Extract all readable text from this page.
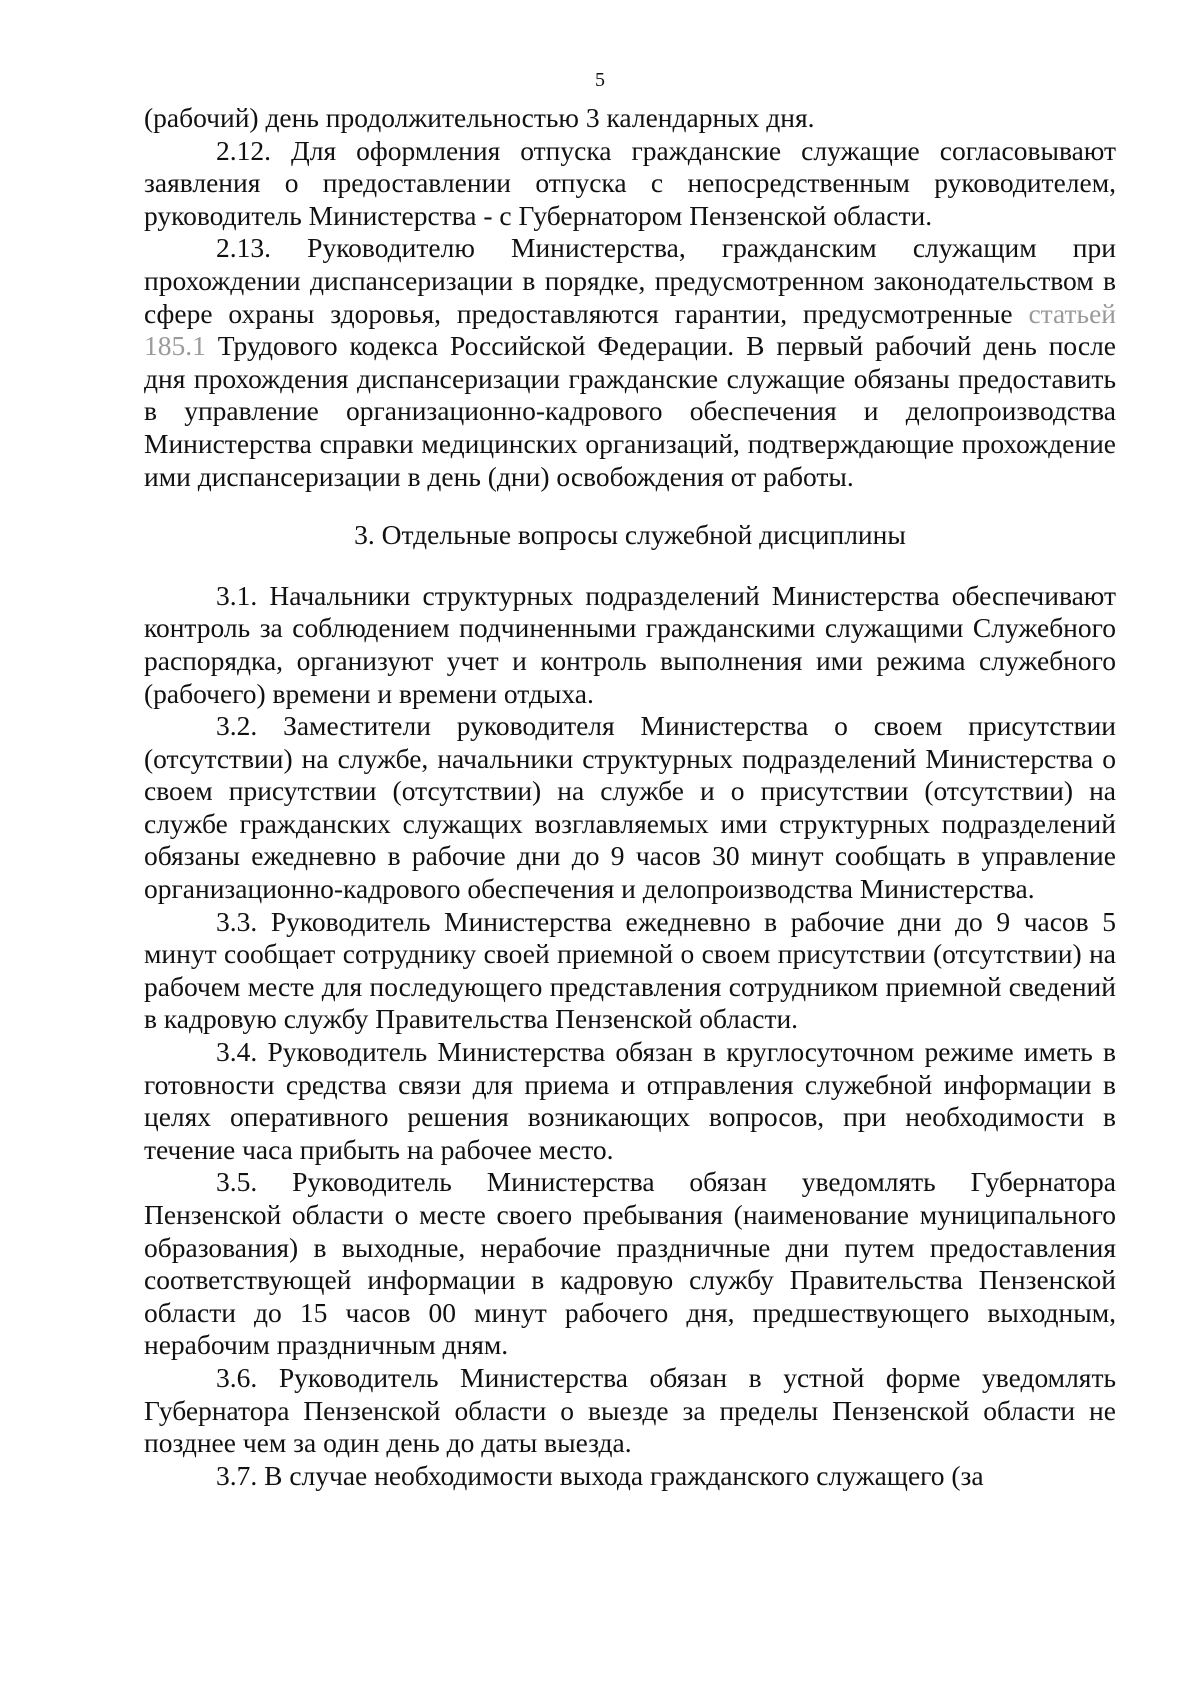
5

(рабочий) день продолжительностью 3 календарных дня.

2.12. Для оформления отпуска гражданские служащие согласовывают заявления о предоставлении отпуска с непосредственным руководителем, руководитель Министерства - с Губернатором Пензенской области.

2.13. Руководителю Министерства, гражданским служащим при прохождении диспансеризации в порядке, предусмотренном законодательством в сфере охраны здоровья, предоставляются гарантии, предусмотренные статьей 185.1 Трудового кодекса Российской Федерации. В первый рабочий день после дня прохождения диспансеризации гражданские служащие обязаны предоставить в управление организационно-кадрового обеспечения и делопроизводства Министерства справки медицинских организаций, подтверждающие прохождение ими диспансеризации в день (дни) освобождения от работы.

3. Отдельные вопросы служебной дисциплины

3.1. Начальники структурных подразделений Министерства обеспечивают контроль за соблюдением подчиненными гражданскими служащими Служебного распорядка, организуют учет и контроль выполнения ими режима служебного (рабочего) времени и времени отдыха.

3.2. Заместители руководителя Министерства о своем присутствии (отсутствии) на службе, начальники структурных подразделений Министерства о своем присутствии (отсутствии) на службе и о присутствии (отсутствии) на службе гражданских служащих возглавляемых ими структурных подразделений обязаны ежедневно в рабочие дни до 9 часов 30 минут сообщать в управление организационно-кадрового обеспечения и делопроизводства Министерства.

3.3. Руководитель Министерства ежедневно в рабочие дни до 9 часов 5 минут сообщает сотруднику своей приемной о своем присутствии (отсутствии) на рабочем месте для последующего представления сотрудником приемной сведений в кадровую службу Правительства Пензенской области.

3.4. Руководитель Министерства обязан в круглосуточном режиме иметь в готовности средства связи для приема и отправления служебной информации в целях оперативного решения возникающих вопросов, при необходимости в течение часа прибыть на рабочее место.

3.5. Руководитель Министерства обязан уведомлять Губернатора Пензенской области о месте своего пребывания (наименование муниципального образования) в выходные, нерабочие праздничные дни путем предоставления соответствующей информации в кадровую службу Правительства Пензенской области до 15 часов 00 минут рабочего дня, предшествующего выходным, нерабочим праздничным дням.

3.6. Руководитель Министерства обязан в устной форме уведомлять Губернатора Пензенской области о выезде за пределы Пензенской области не позднее чем за один день до даты выезда.

3.7. В случае необходимости выхода гражданского служащего (за
